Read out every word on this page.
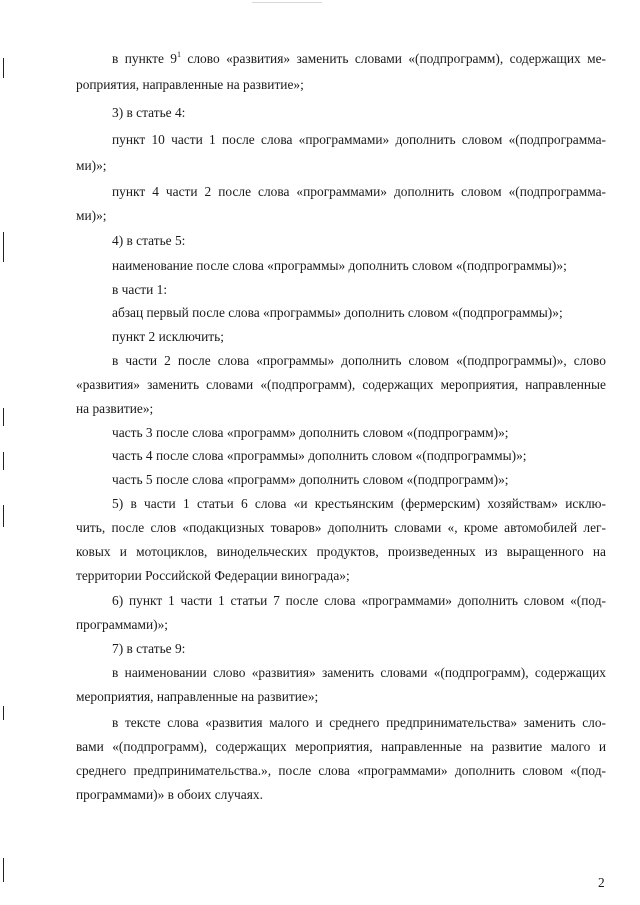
в пункте $9^1$ слово «развития» заменить словами «(подпрограмм), содержащих ме-
роприятия, направленные на развитие»;
3) в статье 4:
пункт 10 части 1 после слова «программами» дополнить словом «(подпрограмма-
ми)»;
пункт 4 части 2 после слова «программами» дополнить словом «(подпрограмма-
ми)»;
4) в статье 5:
наименование после слова «программы» дополнить словом «(подпрограммы)»;
в части 1:
абзац первый после слова «программы» дополнить словом «(подпрограммы)»;
пункт 2 исключить;
в части 2 после слова «программы» дополнить словом «(подпрограммы)», слово
«развития» заменить словами «(подпрограмм), содержащих мероприятия, направленные
на развитие»;
часть 3 после слова «программ» дополнить словом «(подпрограмм)»;
часть 4 после слова «программы» дополнить словом «(подпрограммы)»;
часть 5 после слова «программ» дополнить словом «(подпрограмм)»;
5) в части 1 статьи 6 слова «и крестьянским (фермерским) хозяйствам» исклю-
чить, после слов «подакцизных товаров» дополнить словами «, кроме автомобилей лег-
ковых и мотоциклов, винодельческих продуктов, произведенных из выращенного на
территории Российской Федерации винограда»;
6) пункт 1 части 1 статьи 7 после слова «программами» дополнить словом «(под-
программами)»;
7) в статье 9:
в наименовании слово «развития» заменить словами «(подпрограмм), содержащих
мероприятия, направленные на развитие»;
в тексте слова «развития малого и среднего предпринимательства» заменить сло-
вами «(подпрограмм), содержащих мероприятия, направленные на развитие малого и
среднего предпринимательства.», после слова «программами» дополнить словом «(под-
программами)» в обоих случаях.
2
